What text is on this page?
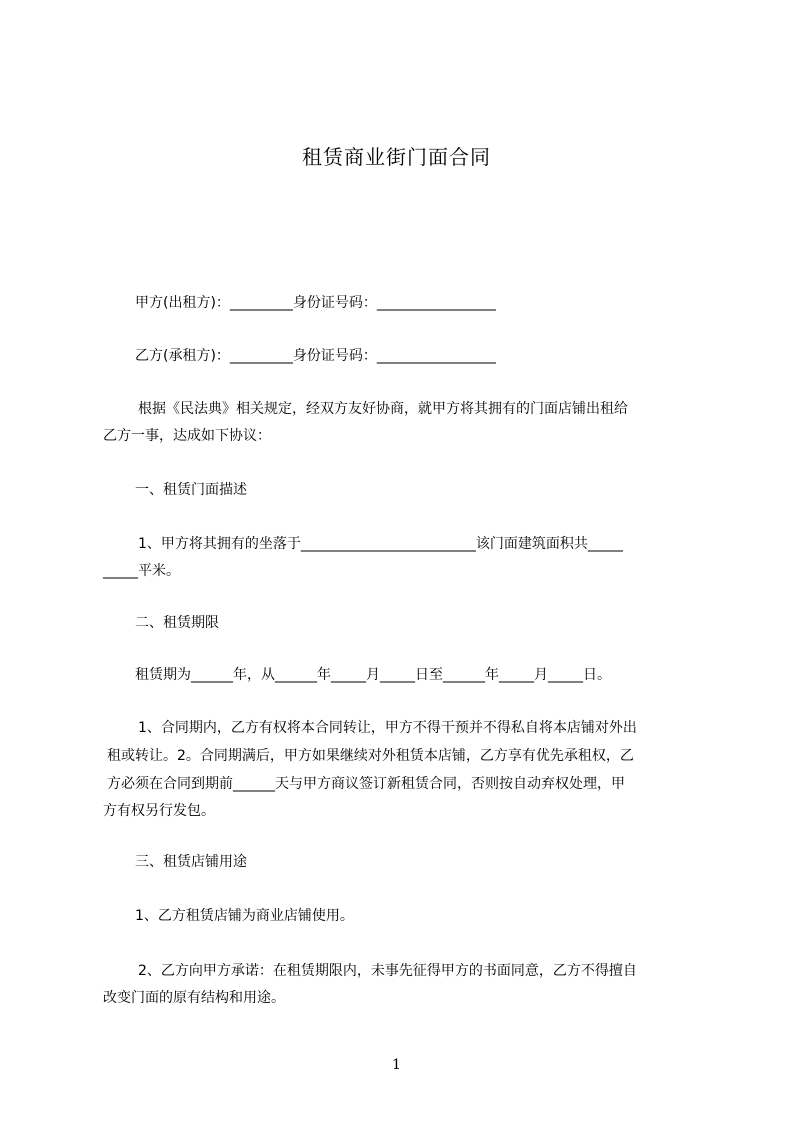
租赁商业街门面合同

甲方(出租方)：_________身份证号码：_________________

乙方(承租方)：_________身份证号码：_________________

根据《民法典》相关规定，经双方友好协商，就甲方将其拥有的门面店铺出租给

乙方一事，达成如下协议：

一、租赁门面描述

1、甲方将其拥有的坐落于_________________________该门面建筑面积共_____

_____平米。

二、租赁期限

租赁期为______年，从______年_____月_____日至______年_____月_____日。

1、合同期内，乙方有权将本合同转让，甲方不得干预并不得私自将本店铺对外出

租或转让。2。合同期满后，甲方如果继续对外租赁本店铺，乙方享有优先承租权，乙

方必须在合同到期前______天与甲方商议签订新租赁合同，否则按自动弃权处理，甲

方有权另行发包。

三、租赁店铺用途

1、乙方租赁店铺为商业店铺使用。

2、乙方向甲方承诺：在租赁期限内，未事先征得甲方的书面同意，乙方不得擅自

改变门面的原有结构和用途。

1
